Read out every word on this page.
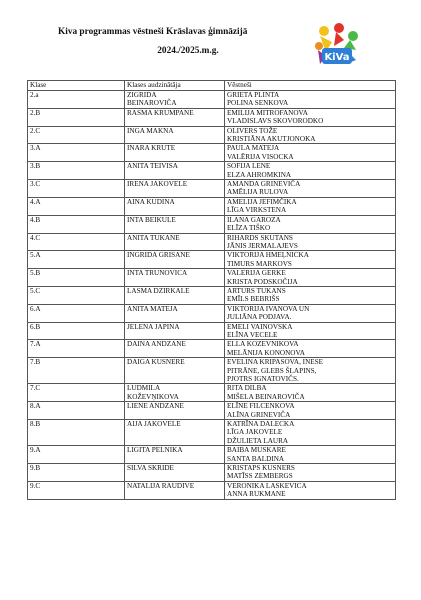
Kiva programmas vēstneši Krāslavas ģimnāzijā
2024./2025.m.g.
KiVa
Klase	Klases audzinātāja	Vēstneši
2.a	ZIGRIDA
BEINAROVIČA	GRIETA PLINTA
POLINA SENKOVA

2.B	RASMA KRUMPANE	EMILIJA MITROFANOVA
VLADISLAVS SKOVORODKO

2.C	INGA MAKNA	OLIVERS TOŽE
KRISTIĀNA AKUTJONOKA

3.A	INARA KRUTE	PAULA MATEJA
VALĒRIJA VISOCKA

3.B	ANITA TEIVISA	SOFIJA LENE
ELZA AHROMKINA

3.C	IRENA JAKOVELE	AMANDA GRINEVIČA
AMĒLIJA RULOVA

4.A	AINA KUDINA	AMELIJA JEFIMČIKA
LĪGA VIRKSTENA

4.B	INTA BEIKULE	ILANA GAROZA
ELĪZA TIŠKO

4.C	ANITA TUKANE	RIHARDS SKUTANS
JĀNIS JERMALAJEVS

5.A	INGRIDA GRISANE	VIKTORIJA HMEĻNICKA
TIMURS MARKOVS

5.B	INTA TRUNOVICA	VALERIJA GERKE
KRISTA PODSKOČIJA

5.C	LASMA DZIRKALE	ARTURS TUKANS
EMĪLS BEBRIŠS

6.A	ANITA MATEJA	VIKTORIJA IVANOVA UN
JULIĀNA PODJAVA.

6.B	JELENA JAPINA	EMELI VAINOVSKA
ELĪNA VECELE

7.A	DAINA ANDZANE	ELLA KOZEVNIKOVA
MELĀNIJA KONONOVA

7.B	DAIGA KUSNERE	EVELINA KRIPASOVA, INESE
PITRĀNE, GLEBS ŠLAPINS,
PJOTRS IGNATOVIČS.

7.C	LUDMILA
KOŽEVŅIKOVA	RITA DILBA
MIŠELA BEINAROVIČA

8.A	LIENE ANDZANE	ELĪNE FILCENKOVA
ALĪNA GRINEVIČA

8.B	AIJA JAKOVELE	KATRĪNA DALECKA
LĪGA JAKOVELE
DŽULIETA LAURA

9.A	LIGITA PELNIKA	BAIBA MUSKARE
SANTA BALDINA

9.B	SILVA SKRIDE	KRISTAPS KUSNERS
MATĪSS ZEMBERGS

9.C	NATALIJA RAUDIVE	VERONIKA LASKEVICA
ANNA RUKMANE
